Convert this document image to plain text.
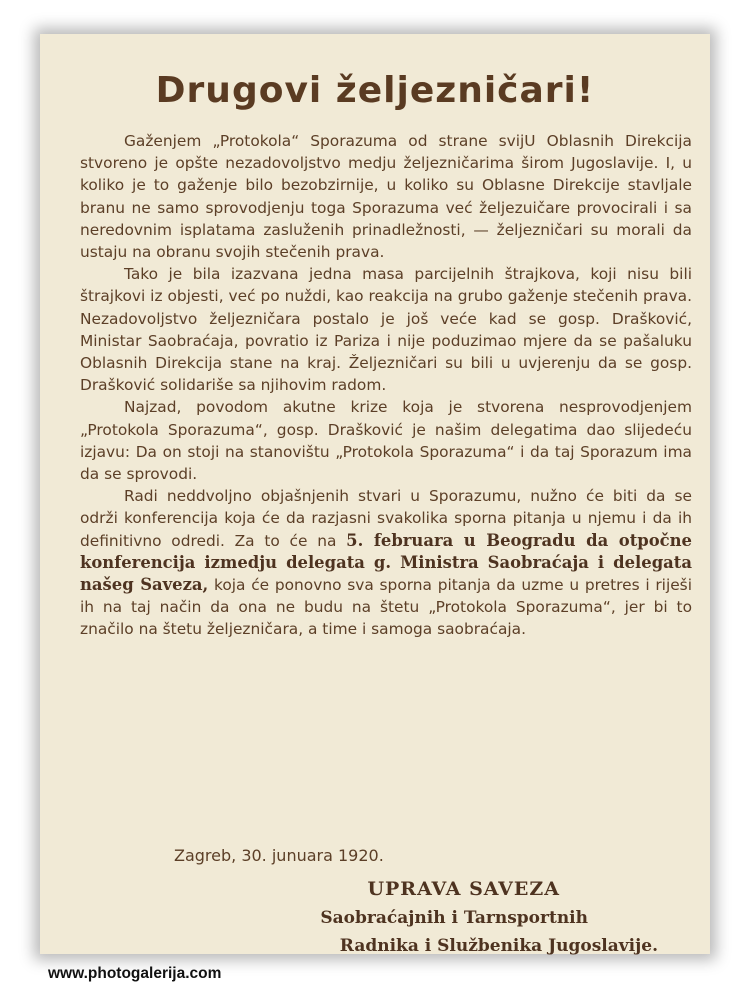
Drugovi željezničari!

Gaženjem „Protokola“ Sporazuma od strane svijU Oblasnih Direkcija stvoreno je opšte nezadovoljstvo medju željezničarima širom Jugoslavije. I, u koliko je to gaženje bilo bezobzirnije, u koliko su Oblasne Direkcije stavljale branu ne samo sprovodjenju toga Sporazuma već željezuičare provocirali i sa neredovnim isplatama zasluženih prinadležnosti, — željezničari su morali da ustaju na obranu svojih stečenih prava.

Tako je bila izazvana jedna masa parcijelnih štrajkova, koji nisu bili štrajkovi iz objesti, već po nuždi, kao reakcija na grubo gaženje stečenih prava. Nezadovoljstvo željezničara postalo je još veće kad se gosp. Drašković, Ministar Saobraćaja, povratio iz Pariza i nije poduzimao mjere da se pašaluku Oblasnih Direkcija stane na kraj. Željezničari su bili u uvjerenju da se gosp. Drašković solidariše sa njihovim radom.

Najzad, povodom akutne krize koja je stvorena nesprovodjenjem „Protokola Sporazuma“, gosp. Drašković je našim delegatima dao slijedeću izjavu: Da on stoji na stanovištu „Protokola Sporazuma“ i da taj Sporazum ima da se sprovodi.

Radi neddvoljno objašnjenih stvari u Sporazumu, nužno će biti da se održi konferencija koja će da razjasni svakolika sporna pitanja u njemu i da ih definitivno odredi. Za to će na 5. februara u Beogradu da otpočne konferencija izmedju delegata g. Ministra Saobraćaja i delegata našeg Saveza, koja će ponovno sva sporna pitanja da uzme u pretres i riješi ih na taj način da ona ne budu na štetu „Protokola Sporazuma“, jer bi to značilo na štetu željezničara, a time i samoga saobraćaja.

Zagreb, 30. junuara 1920.
UPRAVA SAVEZA
Saobraćajnih i Tarnsportnih
Radnika i Službenika Jugoslavije.
www.photogalerija.com
